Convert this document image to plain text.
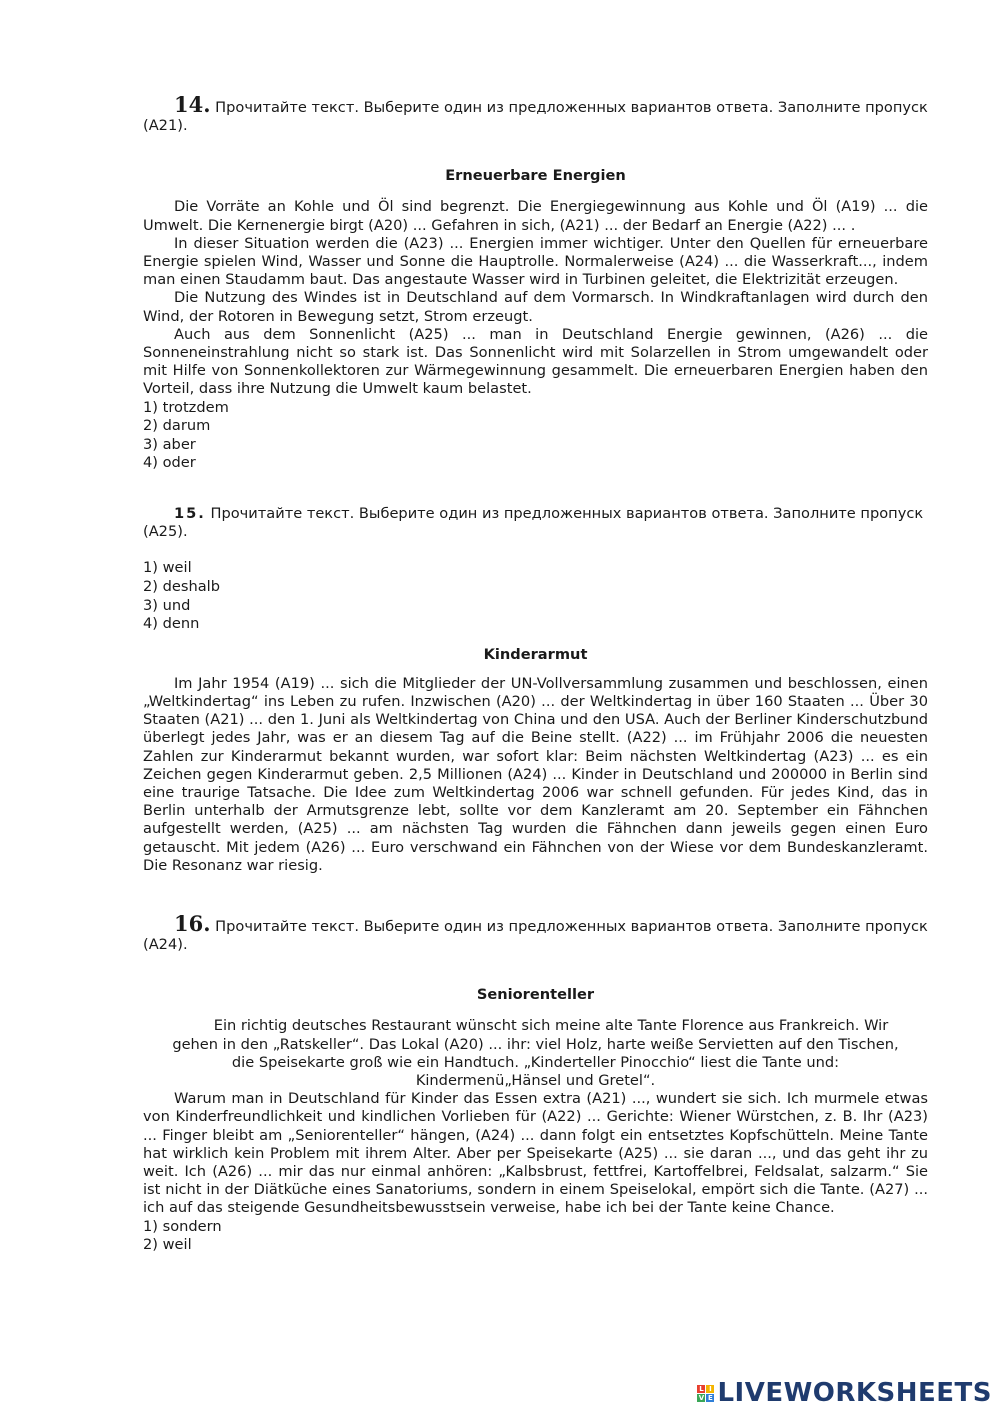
14. Прочитайте текст. Выберите один из предложенных вариантов ответа. Заполните пропуск

(A21).

Erneuerbare Energien

Die Vorräte an Kohle und Öl sind begrenzt. Die Energiegewinnung aus Kohle und Öl (A19) ... die Umwelt. Die Kernenergie birgt (A20) ... Gefahren in sich, (A21) ... der Bedarf an Energie (A22) ... .

In dieser Situation werden die (A23) ... Energien immer wichtiger. Unter den Quellen für erneuerbare Energie spielen Wind, Wasser und Sonne die Hauptrolle. Normalerweise (A24) ... die Wasserkraft..., indem man einen Staudamm baut. Das angestaute Wasser wird in Turbinen geleitet, die Elektrizität erzeugen.

Die Nutzung des Windes ist in Deutschland auf dem Vormarsch. In Windkraftanlagen wird durch den Wind, der Rotoren in Bewegung setzt, Strom erzeugt.

Auch aus dem Sonnenlicht (A25) ... man in Deutschland Energie gewinnen, (A26) ... die Sonneneinstrahlung nicht so stark ist. Das Sonnenlicht wird mit Solarzellen in Strom umgewandelt oder mit Hilfe von Sonnenkollektoren zur Wärmegewinnung gesammelt. Die erneuerbaren Energien haben den Vorteil, dass ihre Nutzung die Umwelt kaum belastet.

1) trotzdem

2) darum

3) aber

4) oder

15. Прочитайте текст. Выберите один из предложенных вариантов ответа. Заполните пропуск

(A25).

1) weil

2) deshalb

3) und

4) denn

Kinderarmut

Im Jahr 1954 (A19) ... sich die Mitglieder der UN-Vollversammlung zusammen und beschlossen, einen „Weltkindertag“ ins Leben zu rufen. Inzwischen (A20) ... der Weltkindertag in über 160 Staaten ... Über 30 Staaten (A21) ... den 1. Juni als Weltkindertag von China und den USA. Auch der Berliner Kinderschutzbund überlegt jedes Jahr, was er an diesem Tag auf die Beine stellt. (A22) ... im Frühjahr 2006 die neuesten Zahlen zur Kinderarmut bekannt wurden, war sofort klar: Beim nächsten Weltkindertag (A23) ... es ein Zeichen gegen Kinderarmut geben. 2,5 Millionen (A24) ... Kinder in Deutschland und 200000 in Berlin sind eine traurige Tatsache. Die Idee zum Weltkindertag 2006 war schnell gefunden. Für jedes Kind, das in Berlin unterhalb der Armutsgrenze lebt, sollte vor dem Kanzleramt am 20. September ein Fähnchen aufgestellt werden, (A25) ... am nächsten Tag wurden die Fähnchen dann jeweils gegen einen Euro getauscht. Mit jedem (A26) ... Euro verschwand ein Fähnchen von der Wiese vor dem Bundeskanzleramt. Die Resonanz war riesig.

16. Прочитайте текст. Выберите один из предложенных вариантов ответа. Заполните пропуск

(A24).

Seniorenteller

Ein richtig deutsches Restaurant wünscht sich meine alte Tante Florence aus Frankreich. Wir

gehen in den „Ratskeller“. Das Lokal (A20) ... ihr: viel Holz, harte weiße Servietten auf den Tischen,

die Speisekarte groß wie ein Handtuch. „Kinderteller Pinocchio“ liest die Tante und:

Kindermenü„Hänsel und Gretel“.

Warum man in Deutschland für Kinder das Essen extra (A21) ..., wundert sie sich. Ich murmele etwas von Kinderfreundlichkeit und kindlichen Vorlieben für (A22) ... Gerichte: Wiener Würstchen, z. B. Ihr (A23) ... Finger bleibt am „Seniorenteller“ hängen, (A24) ... dann folgt ein entsetztes Kopfschütteln. Meine Tante hat wirklich kein Problem mit ihrem Alter. Aber per Speisekarte (A25) ... sie daran ..., und das geht ihr zu weit. Ich (A26) ... mir das nur einmal anhören: „Kalbsbrust, fettfrei, Kartoffelbrei, Feldsalat, salzarm.“ Sie ist nicht in der Diätküche eines Sanatoriums, sondern in einem Speiselokal, empört sich die Tante. (A27) ... ich auf das steigende Gesundheitsbewusstsein verweise, habe ich bei der Tante keine Chance.

1) sondern

2) weil

L I
V E LIVEWORKSHEETS
